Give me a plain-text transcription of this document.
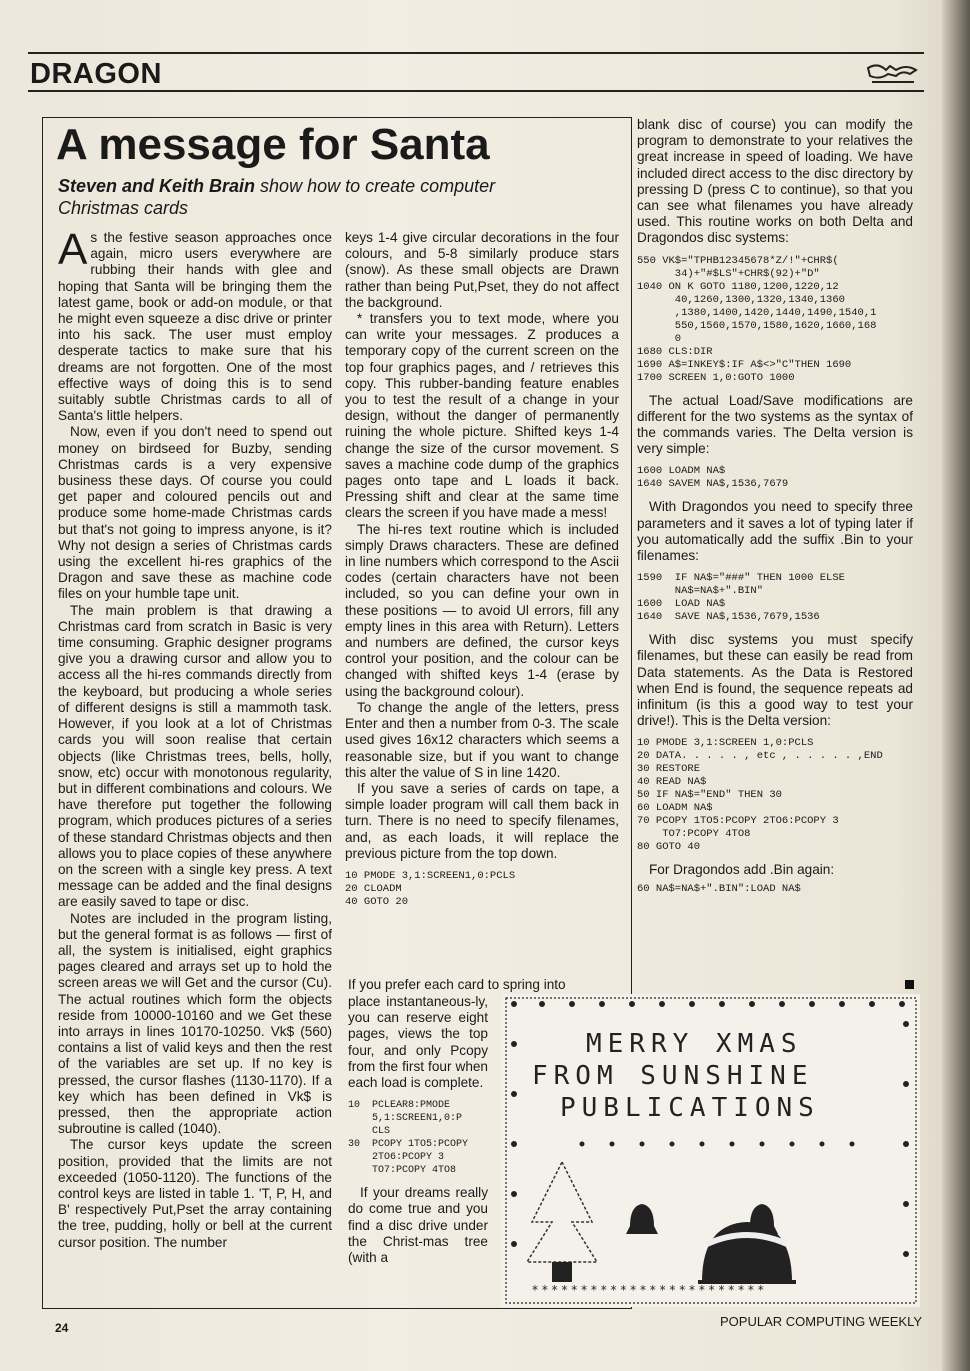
DRAGON
A message for Santa
Steven and Keith Brain show how to create computer Christmas cards

As the festive season approaches once again, micro users everywhere are rubbing their hands with glee and hoping that Santa will be bringing them the latest game, book or add-on module, or that he might even squeeze a disc drive or printer into his sack. The user must employ desperate tactics to make sure that his dreams are not forgotten. One of the most effective ways of doing this is to send suitably subtle Christmas cards to all of Santa's little helpers.

Now, even if you don't need to spend out money on birdseed for Buzby, sending Christmas cards is a very expensive business these days. Of course you could get paper and coloured pencils out and produce some home-made Christmas cards but that's not going to impress anyone, is it? Why not design a series of Christmas cards using the excellent hi-res graphics of the Dragon and save these as machine code files on your humble tape unit.

The main problem is that drawing a Christmas card from scratch in Basic is very time consuming. Graphic designer programs give you a drawing cursor and allow you to access all the hi-res commands directly from the keyboard, but producing a whole series of different designs is still a mammoth task. However, if you look at a lot of Christmas cards you will soon realise that certain objects (like Christmas trees, bells, holly, snow, etc) occur with monotonous regularity, but in different combinations and colours. We have therefore put together the following program, which produces pictures of a series of these standard Christmas objects and then allows you to place copies of these anywhere on the screen with a single key press. A text message can be added and the final designs are easily saved to tape or disc.

Notes are included in the program listing, but the general format is as follows — first of all, the system is initialised, eight graphics pages cleared and arrays set up to hold the screen areas we will Get and the cursor (Cu). The actual routines which form the objects reside from 10000-10160 and we Get these into arrays in lines 10170-10250. Vk$ (560) contains a list of valid keys and then the rest of the variables are set up. If no key is pressed, the cursor flashes (1130-1170). If a key which has been defined in Vk$ is pressed, then the appropriate action subroutine is called (1040).

The cursor keys update the screen position, provided that the limits are not exceeded (1050-1120). The functions of the control keys are listed in table 1. 'T, P, H, and B' respectively Put,Pset the array containing the tree, pudding, holly or bell at the current cursor position. The number

keys 1-4 give circular decorations in the four colours, and 5-8 similarly produce stars (snow). As these small objects are Drawn rather than being Put,Pset, they do not affect the background.

* transfers you to text mode, where you can write your messages. Z produces a temporary copy of the current screen on the top four graphics pages, and / retrieves this copy. This rubber-banding feature enables you to test the result of a change in your design, without the danger of permanently ruining the whole picture. Shifted keys 1-4 change the size of the cursor movement. S saves a machine code dump of the graphics pages onto tape and L loads it back. Pressing shift and clear at the same time clears the screen if you have made a mess!

The hi-res text routine which is included simply Draws characters. These are defined in line numbers which correspond to the Ascii codes (certain characters have not been included, so you can define your own in these positions — to avoid Ul errors, fill any empty lines in this area with Return). Letters and numbers are defined, the cursor keys control your position, and the colour can be changed with shifted keys 1-4 (erase by using the background colour).

To change the angle of the letters, press Enter and then a number from 0-3. The scale used gives 16x12 characters which seems a reasonable size, but if you want to change this alter the value of S in line 1420.

If you save a series of cards on tape, a simple loader program will call them back in turn. There is no need to specify filenames, and, as each loads, it will replace the previous picture from the top down.

10 PMODE 3,1:SCREEN1,0:PCLS
20 CLOADM
40 GOTO 20

If you prefer each card to spring into

place instantaneous-ly, you can reserve eight pages, views the top four, and only Pcopy from the first four when each load is complete.

10  PCLEAR8:PMODE
5,1:SCREEN1,0:P
CLS
30  PCOPY 1TO5:PCOPY
2TO6:PCOPY 3
TO7:PCOPY 4TO8

If your dreams really do come true and you find a disc drive under the Christ-mas tree (with a

blank disc of course) you can modify the program to demonstrate to your relatives the great increase in speed of loading. We have included direct access to the disc directory by pressing D (press C to continue), so that you can see what filenames you have already used. This routine works on both Delta and Dragondos disc systems:

550 VK$="TPHB12345678*Z/!"+CHR$(
34)+"#$LS"+CHR$(92)+"D"
1040 ON K GOTO 1180,1200,1220,12
40,1260,1300,1320,1340,1360
,1380,1400,1420,1440,1490,1540,1
550,1560,1570,1580,1620,1660,168
0
1680 CLS:DIR
1690 A$=INKEY$:IF A$<>"C"THEN 1690
1700 SCREEN 1,0:GOTO 1000

The actual Load/Save modifications are different for the two systems as the syntax of the commands varies. The Delta version is very simple:

1600 LOADM NA$
1640 SAVEM NA$,1536,7679

With Dragondos you need to specify three parameters and it saves a lot of typing later if you automatically add the suffix .Bin to your filenames:

1590  IF NA$="###" THEN 1000 ELSE
NA$=NA$+".BIN"
1600  LOAD NA$
1640  SAVE NA$,1536,7679,1536

With disc systems you must specify filenames, but these can easily be read from Data statements. As the Data is Restored when End is found, the sequence repeats ad infinitum (is this a good way to test your drive!). This is the Delta version:

10 PMODE 3,1:SCREEN 1,0:PCLS
20 DATA. . . . . , etc , . . . . . ,END
30 RESTORE
40 READ NA$
50 IF NA$="END" THEN 30
60 LOADM NA$
70 PCOPY 1TO5:PCOPY 2TO6:PCOPY 3
TO7:PCOPY 4TO8
80 GOTO 40

For Dragondos add .Bin again:

60 NA$=NA$+".BIN":LOAD NA$
MERRY XMAS
FROM SUNSHINE
PUBLICATIONS
* * * * * * * * * * * * * * * * * * * * * * * *
24	POPULAR COMPUTING WEEKLY
